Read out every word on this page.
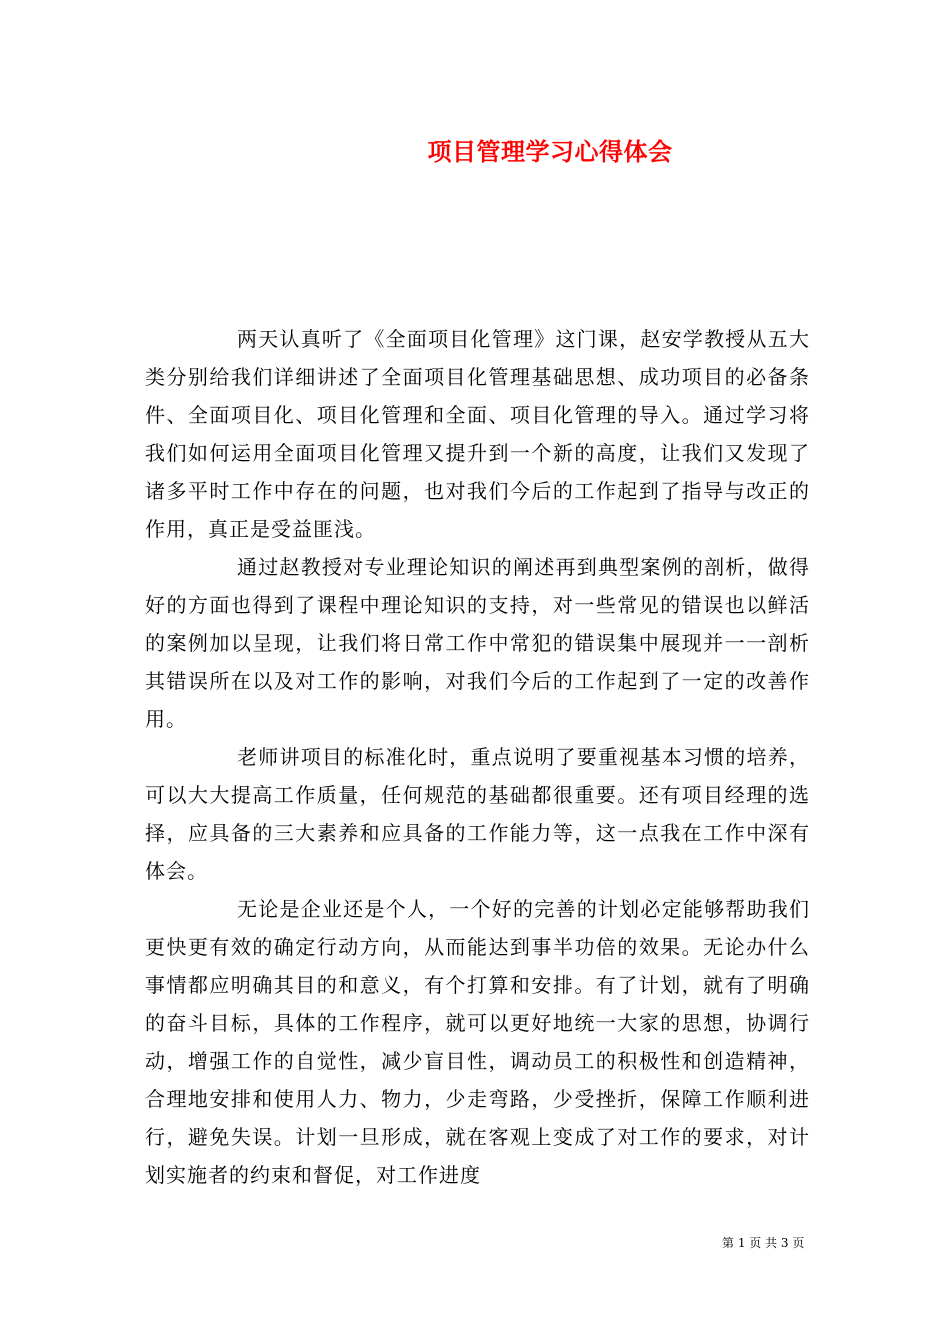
项目管理学习心得体会

两天认真听了《全面项目化管理》这门课，赵安学教授从五大类分别给我们详细讲述了全面项目化管理基础思想、成功项目的必备条件、全面项目化、项目化管理和全面、项目化管理的导入。通过学习将我们如何运用全面项目化管理又提升到一个新的高度，让我们又发现了诸多平时工作中存在的问题，也对我们今后的工作起到了指导与改正的作用，真正是受益匪浅。

通过赵教授对专业理论知识的阐述再到典型案例的剖析，做得好的方面也得到了课程中理论知识的支持，对一些常见的错误也以鲜活的案例加以呈现，让我们将日常工作中常犯的错误集中展现并一一剖析其错误所在以及对工作的影响，对我们今后的工作起到了一定的改善作用。

老师讲项目的标准化时，重点说明了要重视基本习惯的培养，可以大大提高工作质量，任何规范的基础都很重要。还有项目经理的选择，应具备的三大素养和应具备的工作能力等，这一点我在工作中深有体会。

无论是企业还是个人，一个好的完善的计划必定能够帮助我们更快更有效的确定行动方向，从而能达到事半功倍的效果。无论办什么事情都应明确其目的和意义，有个打算和安排。有了计划，就有了明确的奋斗目标，具体的工作程序，就可以更好地统一大家的思想，协调行动，增强工作的自觉性，减少盲目性，调动员工的积极性和创造精神，合理地安排和使用人力、物力，少走弯路，少受挫折，保障工作顺利进行，避免失误。计划一旦形成，就在客观上变成了对工作的要求，对计划实施者的约束和督促，对工作进度

第 1 页 共 3 页
